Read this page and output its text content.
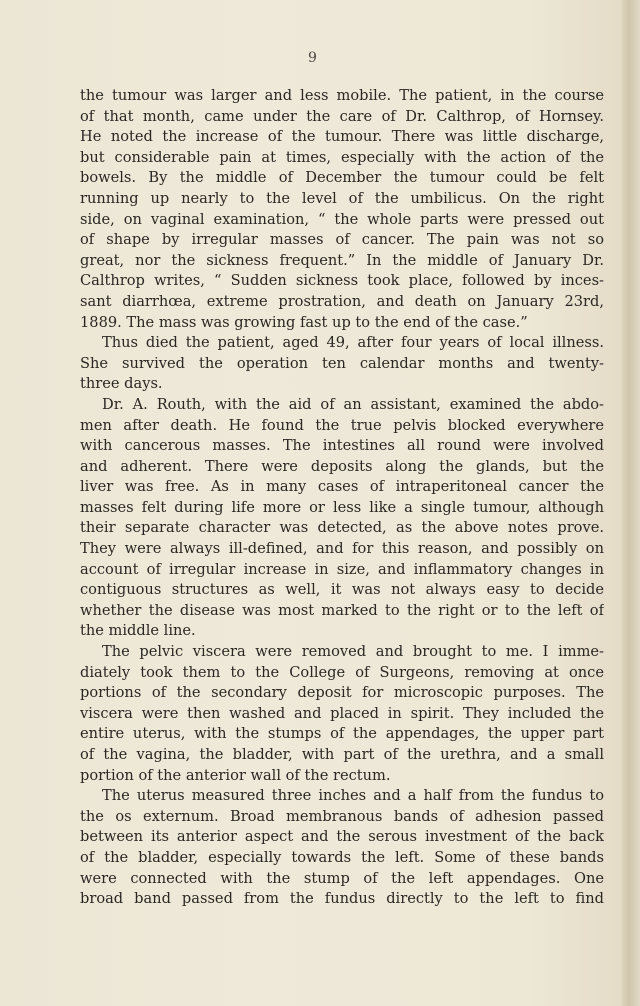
9
the tumour was larger and less mobile. The patient, in the course
of that month, came under the care of Dr. Calthrop, of Hornsey.
He noted the increase of the tumour. There was little discharge,
but considerable pain at times, especially with the action of the
bowels. By the middle of December the tumour could be felt
running up nearly to the level of the umbilicus. On the right
side, on vaginal examination, “ the whole parts were pressed out
of shape by irregular masses of cancer. The pain was not so
great, nor the sickness frequent.” In the middle of January Dr.
Calthrop writes, “ Sudden sickness took place, followed by inces-
sant diarrhœa, extreme prostration, and death on January 23rd,
1889. The mass was growing fast up to the end of the case.”
Thus died the patient, aged 49, after four years of local illness.
She survived the operation ten calendar months and twenty-
three days.
Dr. A. Routh, with the aid of an assistant, examined the abdo-
men after death. He found the true pelvis blocked everywhere
with cancerous masses. The intestines all round were involved
and adherent. There were deposits along the glands, but the
liver was free. As in many cases of intraperitoneal cancer the
masses felt during life more or less like a single tumour, although
their separate character was detected, as the above notes prove.
They were always ill-defined, and for this reason, and possibly on
account of irregular increase in size, and inflammatory changes in
contiguous structures as well, it was not always easy to decide
whether the disease was most marked to the right or to the left of
the middle line.
The pelvic viscera were removed and brought to me. I imme-
diately took them to the College of Surgeons, removing at once
portions of the secondary deposit for microscopic purposes. The
viscera were then washed and placed in spirit. They included the
entire uterus, with the stumps of the appendages, the upper part
of the vagina, the bladder, with part of the urethra, and a small
portion of the anterior wall of the rectum.
The uterus measured three inches and a half from the fundus to
the os externum. Broad membranous bands of adhesion passed
between its anterior aspect and the serous investment of the back
of the bladder, especially towards the left. Some of these bands
were connected with the stump of the left appendages. One
broad band passed from the fundus directly to the left to find
